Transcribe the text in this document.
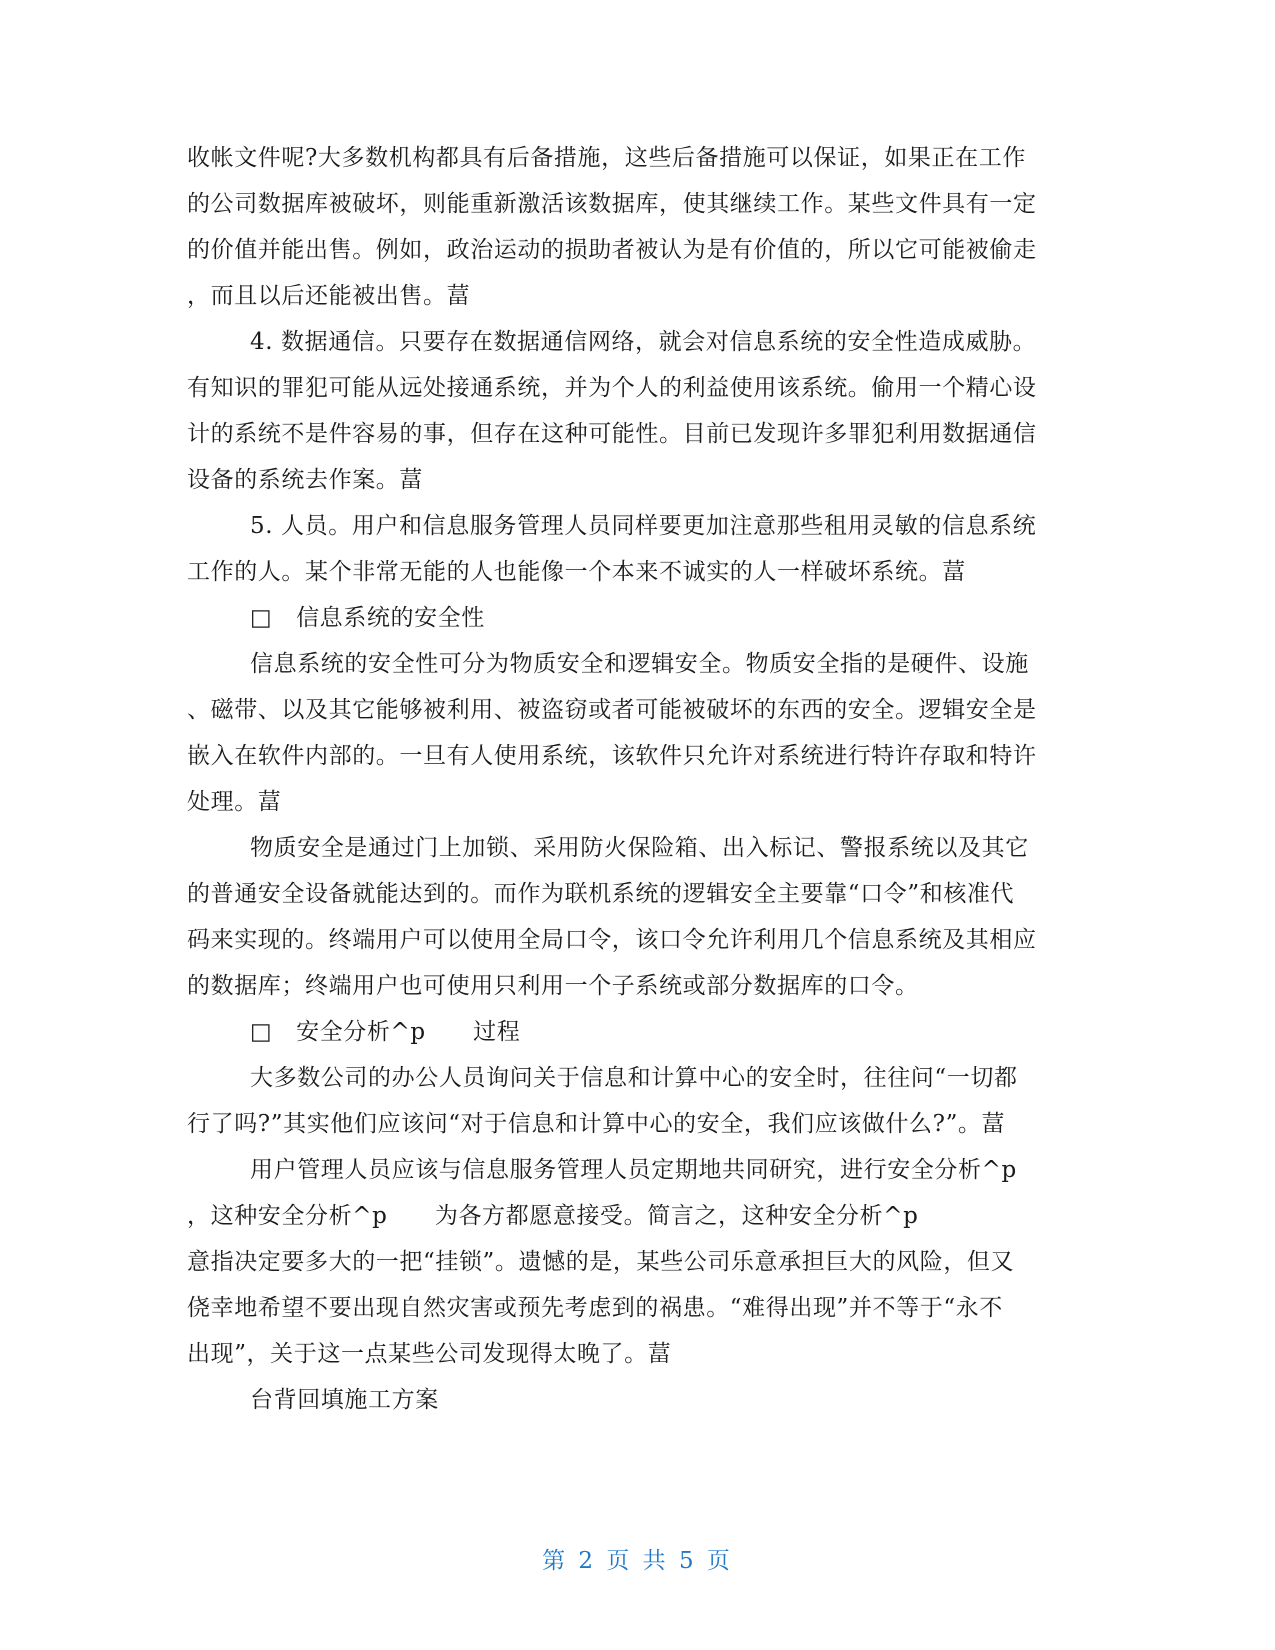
收帐文件呢?大多数机构都具有后备措施，这些后备措施可以保证，如果正在工作
的公司数据库被破坏，则能重新激活该数据库，使其继续工作。某些文件具有一定
的价值并能出售。例如，政治运动的损助者被认为是有价值的，所以它可能被偷走
，而且以后还能被出售。葍
4. 数据通信。只要存在数据通信网络，就会对信息系统的安全性造成威胁。
有知识的罪犯可能从远处接通系统，并为个人的利益使用该系统。偷用一个精心设
计的系统不是件容易的事，但存在这种可能性。目前已发现许多罪犯利用数据通信
设备的系统去作案。葍
5. 人员。用户和信息服务管理人员同样要更加注意那些租用灵敏的信息系统
工作的人。某个非常无能的人也能像一个本来不诚实的人一样破坏系统。葍
□   信息系统的安全性
信息系统的安全性可分为物质安全和逻辑安全。物质安全指的是硬件、设施
、磁带、以及其它能够被利用、被盗窃或者可能被破坏的东西的安全。逻辑安全是
嵌入在软件内部的。一旦有人使用系统，该软件只允许对系统进行特许存取和特许
处理。葍
物质安全是通过门上加锁、采用防火保险箱、出入标记、警报系统以及其它
的普通安全设备就能达到的。而作为联机系统的逻辑安全主要靠“口令”和核准代
码来实现的。终端用户可以使用全局口令，该口令允许利用几个信息系统及其相应
的数据库；终端用户也可使用只利用一个子系统或部分数据库的口令。
□   安全分析^p      过程
大多数公司的办公人员询问关于信息和计算中心的安全时，往往问“一切都
行了吗?”其实他们应该问“对于信息和计算中心的安全，我们应该做什么?”。葍
用户管理人员应该与信息服务管理人员定期地共同研究，进行安全分析^p
，这种安全分析^p      为各方都愿意接受。简言之，这种安全分析^p
意指决定要多大的一把“挂锁”。遗憾的是，某些公司乐意承担巨大的风险，但又
侥幸地希望不要出现自然灾害或预先考虑到的祸患。“难得出现”并不等于“永不
出现”，关于这一点某些公司发现得太晚了。葍
台背回填施工方案
第 2 页 共 5 页
